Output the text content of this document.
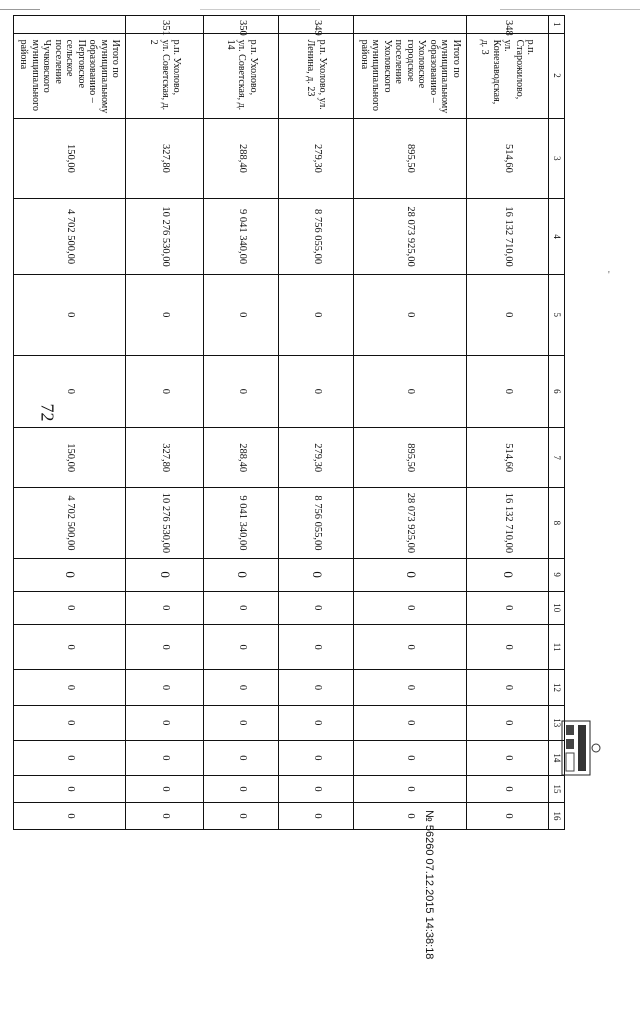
72
1	2	3	4	5	6	7	8	9	10	11	12	13	14	15	16
348	р.п. Старожилово,
ул. Конезаводская, д. 3	514,60	16 132 710,00	0	0	514,60	16 132 710,00	0	0	0	0	0	0	0	0
	Итого по муниципальному образованию – Ухоловское городское поселение Ухоловского муниципального района	895,50	28 073 925,00	0	0	895,50	28 073 925,00	0	0	0	0	0	0	0	0
349	р.п. Ухолово, ул. Ленина, д. 23	279,30	8 756 055,00	0	0	279,30	8 756 055,00	0	0	0	0	0	0	0	0
350	р.п. Ухолово,
ул. Советская, д. 14	288,40	9 041 340,00	0	0	288,40	9 041 340,00	0	0	0	0	0	0	0	0
351	р.п. Ухолово,
ул. Советская, д. 2	327,80	10 276 530,00	0	0	327,80	10 276 530,00	0	0	0	0	0	0	0	0
	Итого по муниципальному образованию – Перговское сельское поселение Чучковского муниципального района	150,00	4 702 500,00	0	0	150,00	4 702 500,00	0	0	0	0	0	0	0	0	№ 56260 07.12.2015 14:38:18
'
